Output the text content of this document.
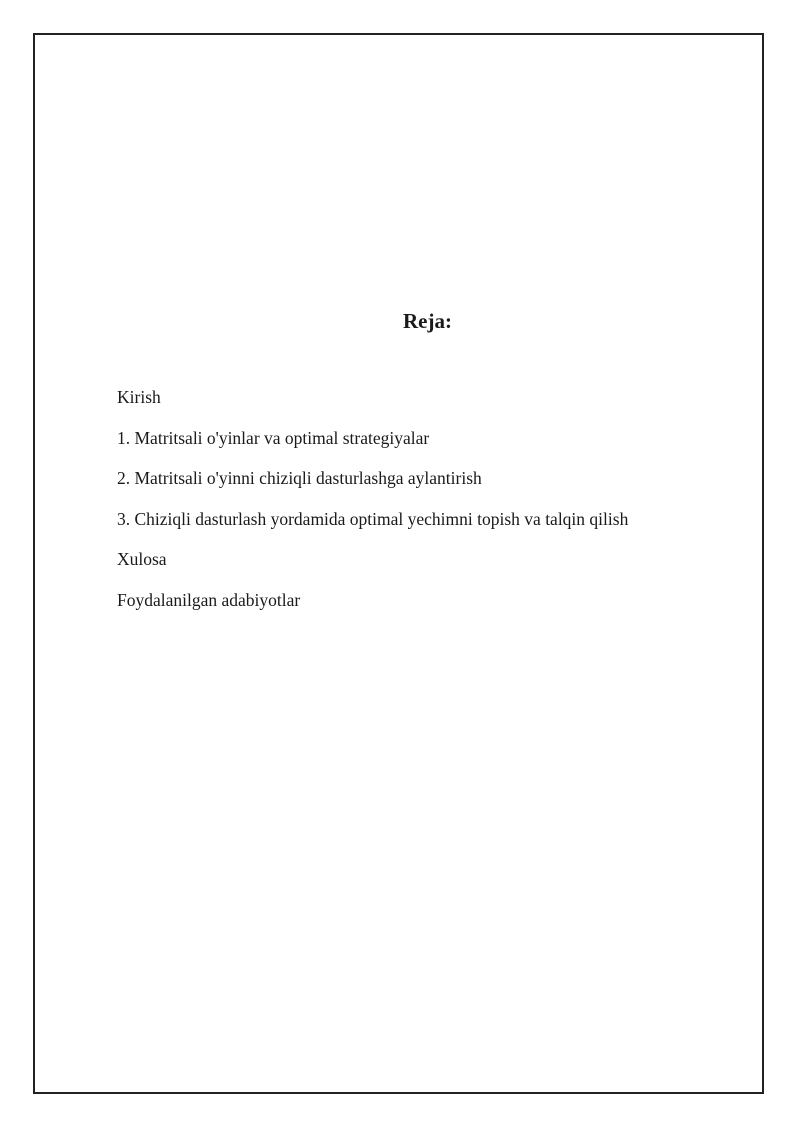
Reja:
Kirish
1. Matritsali o'yinlar va optimal strategiyalar
2. Matritsali o'yinni chiziqli dasturlashga aylantirish
3. Chiziqli dasturlash yordamida optimal yechimni topish va talqin qilish
Xulosa
Foydalanilgan adabiyotlar
